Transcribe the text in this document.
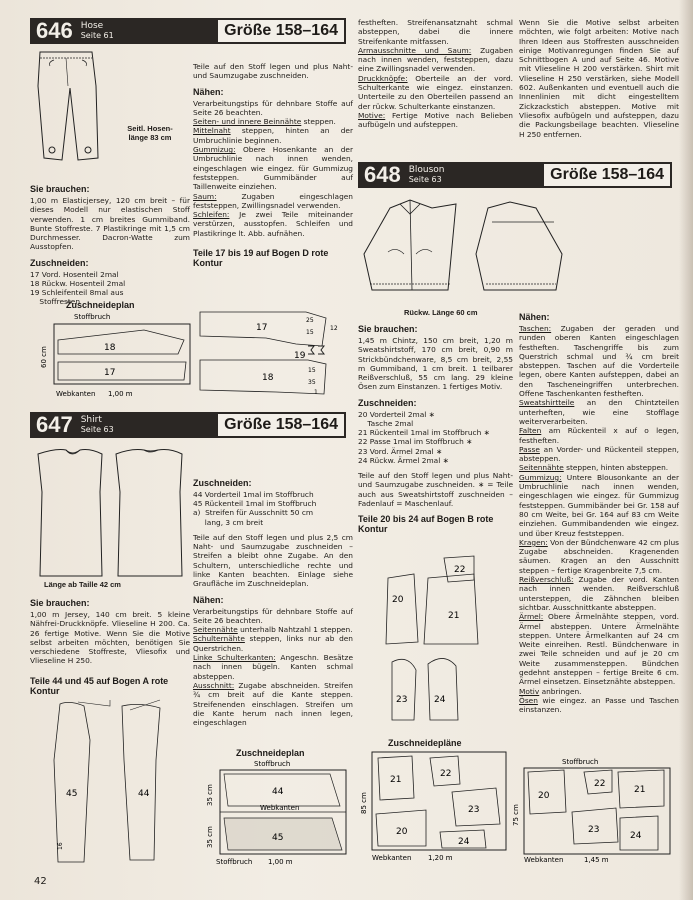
646 Hose
Seite 61	Größe 158–164
Seitl. Hosen-länge 83 cm
Sie brauchen:

1,00 m Elasticjersey, 120 cm breit – für dieses Modell nur elastischen Stoff verwenden. 1 cm breites Gummiband. Bunte Stoffreste. 7 Plastikringe mit 1,5 cm Durchmesser. Dacron-Watte zum Ausstopfen.

Zuschneiden:
17 Vord. Hosenteil 2mal
18 Rückw. Hosenteil 2mal
19 Schleifenteil 8mal aus
Stoffresten
Zuschneideplan
Stoffbruch
18
17
60 cm
Webkanten 1,00 m

Teile auf den Stoff legen und plus Naht- und Saumzugabe zuschneiden.

Nähen:

Verarbeitungstips für dehnbare Stoffe auf Seite 26 beachten.

Seiten- und innere Beinnähte steppen.

Mittelnaht steppen, hinten an der Umbruchlinie beginnen.

Gummizug: Obere Hosenkante an der Umbruchlinie nach innen wenden, eingeschlagen wie eingez. für Gummizug feststeppen. Gummibänder auf Taillenweite einziehen.

Saum: Zugaben eingeschlagen feststeppen, Zwillingsnadel verwenden.

Schleifen: Je zwei Teile miteinander verstürzen, ausstopfen. Schleifen und Plastikringe lt. Abb. aufnähen.

Teile 17 bis 19 auf Bogen D rote Kontur
17
18
19
25
15
12
15
35
1
647 Shirt
Seite 63	Größe 158–164
Länge ab Taille 42 cm
Sie brauchen:

1,00 m Jersey, 140 cm breit. 5 kleine Nähfrei-Druckknöpfe. Vlieseline H 200. Ca. 26 fertige Motive. Wenn Sie die Motive selbst arbeiten möchten, benötigen Sie verschiedene Stoffreste, Vliesofix und Vlieseline H 250.

Teile 44 und 45 auf Bogen A rote Kontur
45	44
16
Zuschneiden:
44 Vorderteil 1mal im Stoffbruch
45 Rückenteil 1mal im Stoffbruch
a)  Streifen für Ausschnitt 50 cm
lang, 3 cm breit

Teile auf den Stoff legen und plus 2,5 cm Naht- und Saumzugabe zuschneiden – Streifen a bleibt ohne Zugabe. An den Schultern, unterschiedliche rechte und linke Kanten beachten. Einlage siehe Graufläche im Zuschneideplan.

Nähen:

Verarbeitungstips für dehnbare Stoffe auf Seite 26 beachten.

Seitennähte unterhalb Nahtzahl 1 steppen.

Schulternähte steppen, links nur ab den Querstrichen.

Linke Schulterkanten: Angeschn. Besätze nach innen bügeln. Kanten schmal absteppen.

Ausschnitt: Zugabe abschneiden. Streifen ¾ cm breit auf die Kante steppen. Streifenenden einschlagen. Streifen um die Kante herum nach innen legen, eingeschlagen

Zuschneideplan
Stoffbruch
44
Webkanten
45
35 cm
35 cm
Stoffbruch 1,00 m

festheften. Streifenansatznaht schmal absteppen, dabei die innere Streifenkante mitfassen.

Armausschnitte und Saum: Zugaben nach innen wenden, feststeppen, dazu eine Zwillingsnadel verwenden.

Druckknöpfe: Oberteile an der vord. Schulterkante wie eingez. einstanzen. Unterteile zu den Oberteilen passend an der rückw. Schulterkante einstanzen.

Motive: Fertige Motive nach Belieben aufbügeln und aufsteppen.

Wenn Sie die Motive selbst arbeiten möchten, wie folgt arbeiten: Motive nach Ihren Ideen aus Stoffresten ausschneiden einige Motivanregungen finden Sie auf Schnittbogen A und auf Seite 46. Motive mit Vlieseline H 200 verstärken. Shirt mit Vlieseline H 250 verstärken, siehe Modell 602. Außenkanten und eventuell auch die Innenlinien mit dicht eingestelltem Zickzackstich absteppen. Motive mit Vliesofix aufbügeln und aufsteppen, dazu die Packungsbeilage beachten. Vlieseline H 250 entfernen.

648 Blouson
Seite 63	Größe 158–164
Rückw. Länge 60 cm
Sie brauchen:

1,45 m Chintz, 150 cm breit, 1,20 m Sweatshirtstoff, 170 cm breit, 0,90 m Strickbündchenware, 8,5 cm breit, 2,55 m Gummiband, 1 cm breit. 1 teilbarer Reißverschluß, 55 cm lang. 29 kleine Ösen zum Einstanzen. 1 fertiges Motiv.

Zuschneiden:
20 Vorderteil 2mal ∗
Tasche 2mal
21 Rückenteil 1mal im Stoffbruch ∗
22 Passe 1mal im Stoffbruch ∗
23 Vord. Ärmel 2mal ∗
24 Rückw. Ärmel 2mal ∗

Teile auf den Stoff legen und plus Naht- und Saumzugabe zuschneiden. ∗ = Teile auch aus Sweatshirtstoff zuschneiden – Fadenlauf = Maschenlauf.

Teile 20 bis 24 auf Bogen B rote Kontur
20
21
22
23	24
Zuschneidepläne
21
22
23
20
24
85 cm
Webkanten 1,20 m
Stoffbruch
20
22
21
23
24
75 cm
Webkanten	1,45 m
Nähen:

Taschen: Zugaben der geraden und runden oberen Kanten eingeschlagen festheften. Taschengriffe bis zum Querstrich schmal und ¾ cm breit absteppen. Taschen auf die Vorderteile legen, obere Kanten aufsteppen, dabei an den Tascheneingriffen unterbrechen. Offene Taschenkanten festheften.

Sweatshirtteile an den Chintzteilen unterheften, wie eine Stofflage weiterverarbeiten.

Falten am Rückenteil x auf o legen, festheften.

Passe an Vorder- und Rückenteil steppen, absteppen.

Seitennähte steppen, hinten absteppen.

Gummizug: Untere Blousonkante an der Umbruchlinie nach innen wenden, eingeschlagen wie eingez. für Gummizug feststeppen. Gummibänder bei Gr. 158 auf 80 cm Weite, bei Gr. 164 auf 83 cm Weite einziehen. Gummibandenden wie eingez. und über Kreuz feststeppen.

Kragen: Von der Bündchenware 42 cm plus Zugabe abschneiden. Kragenenden säumen. Kragen an den Ausschnitt steppen – fertige Kragenbreite 7,5 cm.

Reißverschluß: Zugabe der vord. Kanten nach innen wenden. Reißverschluß untersteppen, die Zähnchen bleiben sichtbar. Ausschnittkante absteppen.

Ärmel: Obere Ärmelnähte steppen, vord. Ärmel absteppen. Untere Ärmelnähte steppen. Untere Ärmelkanten auf 24 cm Weite einreihen. Restl. Bündchenware in zwei Teile schneiden und auf je 20 cm Weite zusammensteppen. Bündchen gedehnt ansteppen – fertige Breite 6 cm. Ärmel einsetzen. Einsetznähte absteppen.

Motiv anbringen.

Ösen wie eingez. an Passe und Taschen einstanzen.

42
